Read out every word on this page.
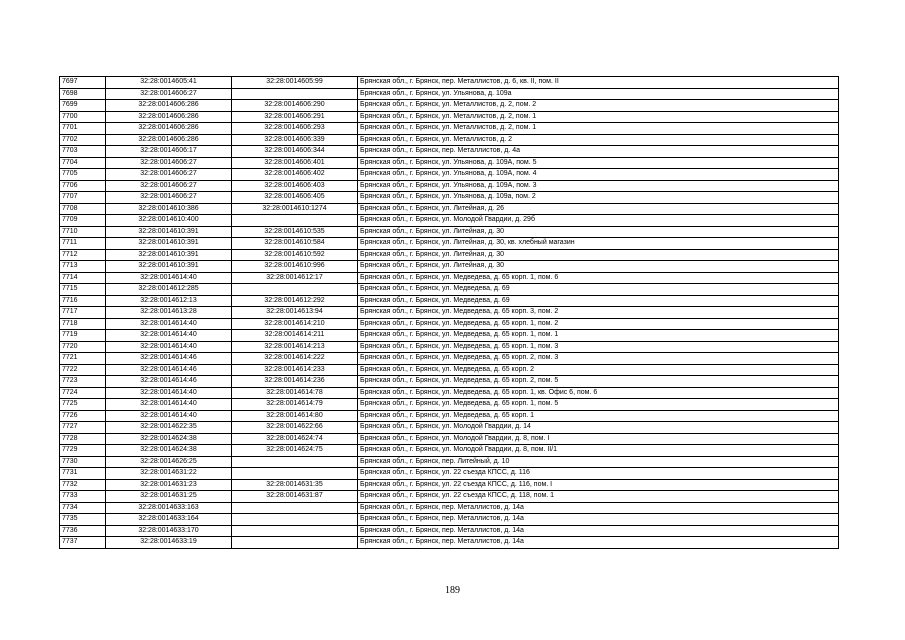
7697	32:28:0014605:41	32:28:0014605:99	Брянская обл., г. Брянск, пер. Металлистов, д. 6, кв. II, пом. II
7698	32:28:0014606:27		Брянская обл., г. Брянск, ул. Ульянова, д. 109а
7699	32:28:0014606:286	32:28:0014606:290	Брянская обл., г. Брянск, ул. Металлистов, д. 2, пом. 2
7700	32:28:0014606:286	32:28:0014606:291	Брянская обл., г. Брянск, ул. Металлистов, д. 2, пом. 1
7701	32:28:0014606:286	32:28:0014606:293	Брянская обл., г. Брянск, ул. Металлистов, д. 2, пом. 1
7702	32:28:0014606:286	32:28:0014606:339	Брянская обл., г. Брянск, ул. Металлистов, д. 2
7703	32:28:0014606:17	32:28:0014606:344	Брянская обл., г. Брянск, пер. Металлистов, д. 4а
7704	32:28:0014606:27	32:28:0014606:401	Брянская обл., г. Брянск, ул. Ульянова, д. 109А, пом. 5
7705	32:28:0014606:27	32:28:0014606:402	Брянская обл., г. Брянск, ул. Ульянова, д. 109А, пом. 4
7706	32:28:0014606:27	32:28:0014606:403	Брянская обл., г. Брянск, ул. Ульянова, д. 109А, пом. 3
7707	32:28:0014606:27	32:28:0014606:405	Брянская обл., г. Брянск, ул. Ульянова, д. 109а, пом. 2
7708	32:28:0014610:386	32:28:0014610:1274	Брянская обл., г. Брянск, ул. Литейная, д. 26
7709	32:28:0014610:400		Брянская обл., г. Брянск, ул. Молодой Гвардии, д. 29б
7710	32:28:0014610:391	32:28:0014610:535	Брянская обл., г. Брянск, ул. Литейная, д. 30
7711	32:28:0014610:391	32:28:0014610:584	Брянская обл., г. Брянск, ул. Литейная, д. 30, кв. хлебный магазин
7712	32:28:0014610:391	32:28:0014610:592	Брянская обл., г. Брянск, ул. Литейная, д. 30
7713	32:28:0014610:391	32:28:0014610:996	Брянская обл., г. Брянск, ул. Литейная, д. 30
7714	32:28:0014614:40	32:28:0014612:17	Брянская обл., г. Брянск, ул. Медведева, д. 65 корп. 1, пом. 6
7715	32:28:0014612:285		Брянская обл., г. Брянск, ул. Медведева, д. 69
7716	32:28:0014612:13	32:28:0014612:292	Брянская обл., г. Брянск, ул. Медведева, д. 69
7717	32:28:0014613:28	32:28:0014613:94	Брянская обл., г. Брянск, ул. Медведева, д. 65 корп. 3, пом. 2
7718	32:28:0014614:40	32:28:0014614:210	Брянская обл., г. Брянск, ул. Медведева, д. 65 корп. 1, пом. 2
7719	32:28:0014614:40	32:28:0014614:211	Брянская обл., г. Брянск, ул. Медведева, д. 65 корп. 1, пом. 1
7720	32:28:0014614:40	32:28:0014614:213	Брянская обл., г. Брянск, ул. Медведева, д. 65 корп. 1, пом. 3
7721	32:28:0014614:46	32:28:0014614:222	Брянская обл., г. Брянск, ул. Медведева, д. 65 корп. 2, пом. 3
7722	32:28:0014614:46	32:28:0014614:233	Брянская обл., г. Брянск, ул. Медведева, д. 65 корп. 2
7723	32:28:0014614:46	32:28:0014614:236	Брянская обл., г. Брянск, ул. Медведева, д. 65 корп. 2, пом. 5
7724	32:28:0014614:40	32:28:0014614:78	Брянская обл., г. Брянск, ул. Медведева, д. 65 корп. 1, кв. Офис 6, пом. 6
7725	32:28:0014614:40	32:28:0014614:79	Брянская обл., г. Брянск, ул. Медведева, д. 65 корп. 1, пом. 5
7726	32:28:0014614:40	32:28:0014614:80	Брянская обл., г. Брянск, ул. Медведева, д. 65 корп. 1
7727	32:28:0014622:35	32:28:0014622:66	Брянская обл., г. Брянск, ул. Молодой Гвардии, д. 14
7728	32:28:0014624:38	32:28:0014624:74	Брянская обл., г. Брянск, ул. Молодой Гвардии, д. 8, пом. I
7729	32:28:0014624:38	32:28:0014624:75	Брянская обл., г. Брянск, ул. Молодой Гвардии, д. 8, пом. II/1
7730	32:28:0014626:25		Брянская обл., г. Брянск, пер. Литейный, д. 10
7731	32:28:0014631:22		Брянская обл., г. Брянск, ул. 22 съезда КПСС, д. 116
7732	32:28:0014631:23	32:28:0014631:35	Брянская обл., г. Брянск, ул. 22 съезда КПСС, д. 116, пом. I
7733	32:28:0014631:25	32:28:0014631:87	Брянская обл., г. Брянск, ул. 22 съезда КПСС, д. 118, пом. 1
7734	32:28:0014633:163		Брянская обл., г. Брянск, пер. Металлистов, д. 14а
7735	32:28:0014633:164		Брянская обл., г. Брянск, пер. Металлистов, д. 14а
7736	32:28:0014633:170		Брянская обл., г. Брянск, пер. Металлистов, д. 14а
7737	32:28:0014633:19		Брянская обл., г. Брянск, пер. Металлистов, д. 14а
189
